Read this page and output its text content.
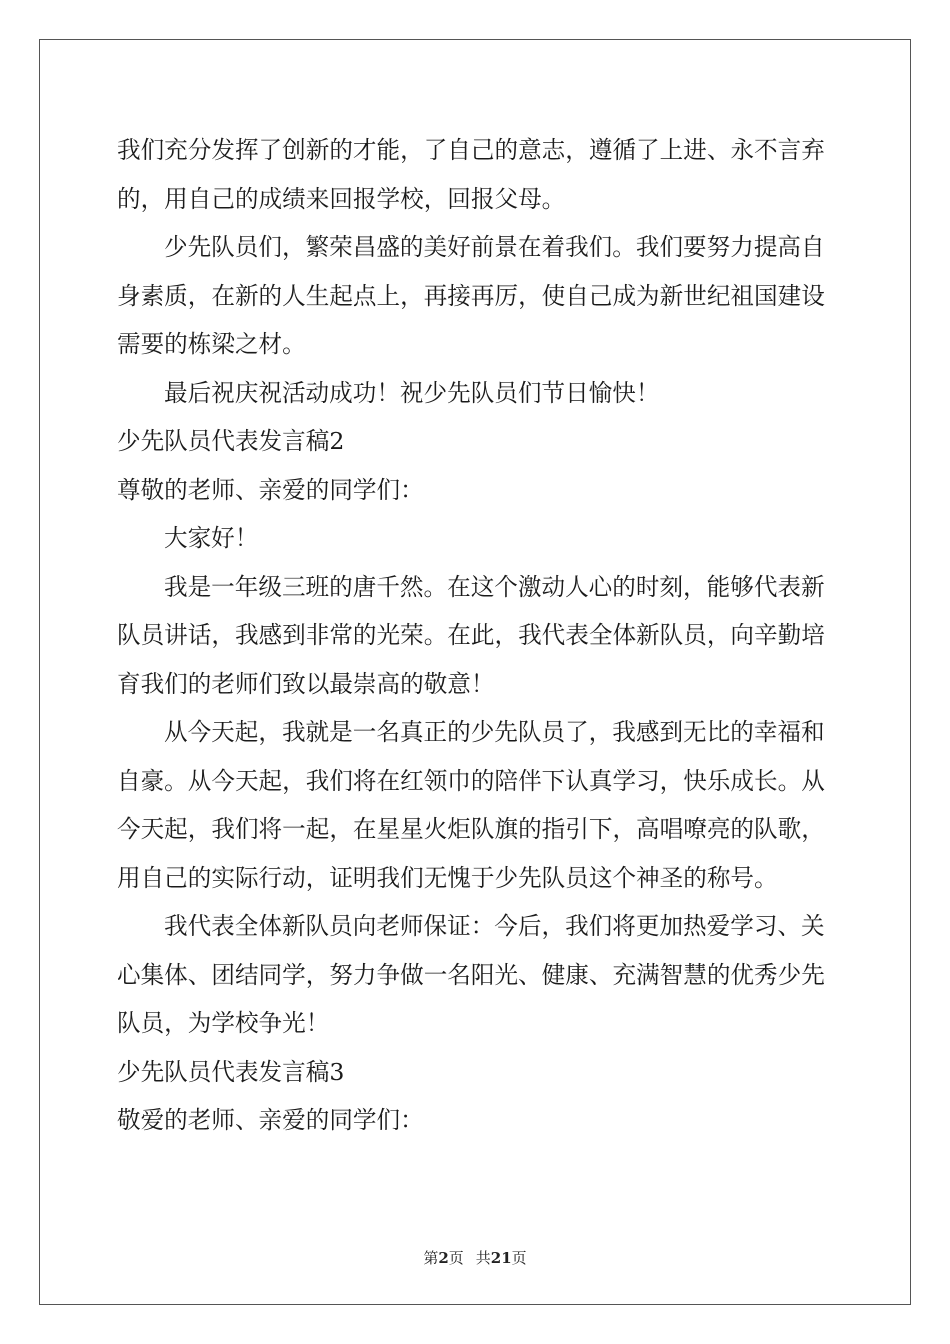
我们充分发挥了创新的才能，了自己的意志，遵循了上进、永不言弃
的，用自己的成绩来回报学校，回报父母。
少先队员们，繁荣昌盛的美好前景在着我们。我们要努力提高自
身素质，在新的人生起点上，再接再厉，使自己成为新世纪祖国建设
需要的栋梁之材。
最后祝庆祝活动成功！祝少先队员们节日愉快！
少先队员代表发言稿2
尊敬的老师、亲爱的同学们：
大家好！
我是一年级三班的唐千然。在这个激动人心的时刻，能够代表新
队员讲话，我感到非常的光荣。在此，我代表全体新队员，向辛勤培
育我们的老师们致以最崇高的敬意！
从今天起，我就是一名真正的少先队员了，我感到无比的幸福和
自豪。从今天起，我们将在红领巾的陪伴下认真学习，快乐成长。从
今天起，我们将一起，在星星火炬队旗的指引下，高唱嘹亮的队歌，
用自己的实际行动，证明我们无愧于少先队员这个神圣的称号。
我代表全体新队员向老师保证：今后，我们将更加热爱学习、关
心集体、团结同学，努力争做一名阳光、健康、充满智慧的优秀少先
队员，为学校争光！
少先队员代表发言稿3
敬爱的老师、亲爱的同学们：
第2页 共21页
